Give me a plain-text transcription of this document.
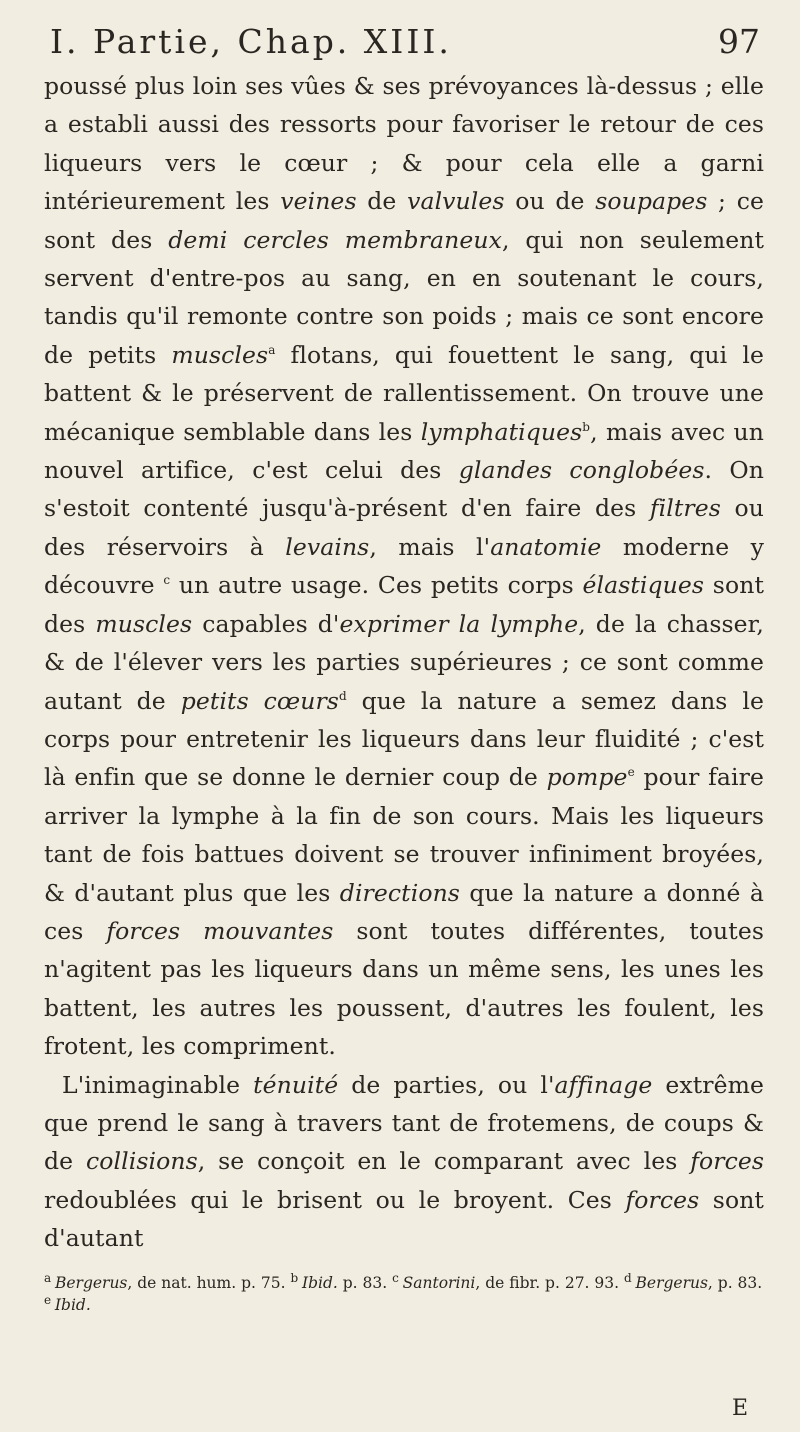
I. Partie, Chap. XIII.	97

poussé plus loin ses vûes & ses prévoyances là-dessus ; elle a establi aussi des ressorts pour favoriser le retour de ces liqueurs vers le cœur ; & pour cela elle a garni intérieurement les veines de valvules ou de soupapes ; ce sont des demi cercles membraneux, qui non seulement servent d'entre-pos au sang, en en soutenant le cours, tandis qu'il remonte contre son poids ; mais ce sont encore de petits muscles$^a$ flotans, qui fouettent le sang, qui le battent & le préservent de rallentissement. On trouve une mécanique semblable dans les lymphatiques$^b$, mais avec un nouvel artifice, c'est celui des glandes conglobées. On s'estoit contenté jusqu'à-présent d'en faire des filtres ou des réservoirs à levains, mais l'anatomie moderne y découvre $^c$ un autre usage. Ces petits corps élastiques sont des muscles capables d'exprimer la lymphe, de la chasser, & de l'élever vers les parties supérieures ; ce sont comme autant de petits cœurs$^d$ que la nature a semez dans le corps pour entretenir les liqueurs dans leur fluidité ; c'est là enfin que se donne le dernier coup de pompe$^e$ pour faire arriver la lymphe à la fin de son cours. Mais les liqueurs tant de fois battues doivent se trouver infiniment broyées, & d'autant plus que les directions que la nature a donné à ces forces mouvantes sont toutes différentes, toutes n'agitent pas les liqueurs dans un même sens, les unes les battent, les autres les poussent, d'autres les foulent, les frotent, les compriment.

L'inimaginable ténuité de parties, ou l'affinage extrême que prend le sang à travers tant de frotemens, de coups & de collisions, se conçoit en le comparant avec les forces redoublées qui le brisent ou le broyent. Ces forces sont d'autant

$^a$ Bergerus, de nat. hum. p. 75. $^b$ Ibid. p. 83. $^c$ Santorini, de fibr. p. 27. 93. $^d$ Bergerus, p. 83. $^e$ Ibid.
E
